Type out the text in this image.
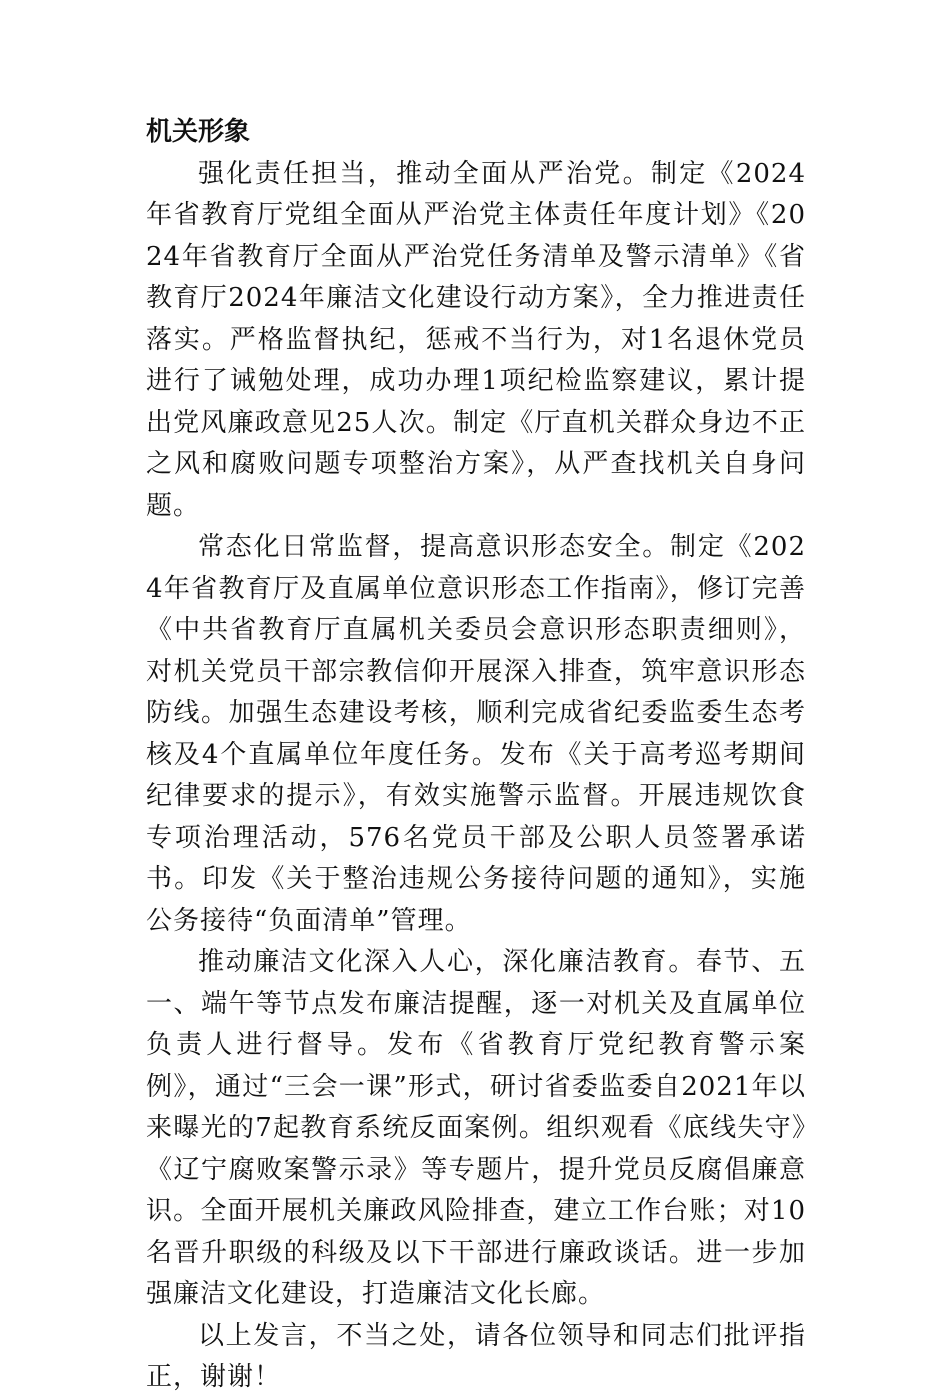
机关形象

强化责任担当，推动全面从严治党。制定《2024年省教育厅党组全面从严治党主体责任年度计划》《2024年省教育厅全面从严治党任务清单及警示清单》《省教育厅2024年廉洁文化建设行动方案》，全力推进责任落实。严格监督执纪，惩戒不当行为，对1名退休党员进行了诫勉处理，成功办理1项纪检监察建议，累计提出党风廉政意见25人次。制定《厅直机关群众身边不正之风和腐败问题专项整治方案》，从严查找机关自身问题。

常态化日常监督，提高意识形态安全。制定《2024年省教育厅及直属单位意识形态工作指南》，修订完善《中共省教育厅直属机关委员会意识形态职责细则》，对机关党员干部宗教信仰开展深入排查，筑牢意识形态防线。加强生态建设考核，顺利完成省纪委监委生态考核及4个直属单位年度任务。发布《关于高考巡考期间纪律要求的提示》，有效实施警示监督。开展违规饮食专项治理活动，576名党员干部及公职人员签署承诺书。印发《关于整治违规公务接待问题的通知》，实施公务接待“负面清单”管理。

推动廉洁文化深入人心，深化廉洁教育。春节、五一、端午等节点发布廉洁提醒，逐一对机关及直属单位负责人进行督导。发布《省教育厅党纪教育警示案例》，通过“三会一课”形式，研讨省委监委自2021年以来曝光的7起教育系统反面案例。组织观看《底线失守》《辽宁腐败案警示录》等专题片，提升党员反腐倡廉意识。全面开展机关廉政风险排查，建立工作台账；对10名晋升职级的科级及以下干部进行廉政谈话。进一步加强廉洁文化建设，打造廉洁文化长廊。

以上发言，不当之处，请各位领导和同志们批评指正，谢谢！
